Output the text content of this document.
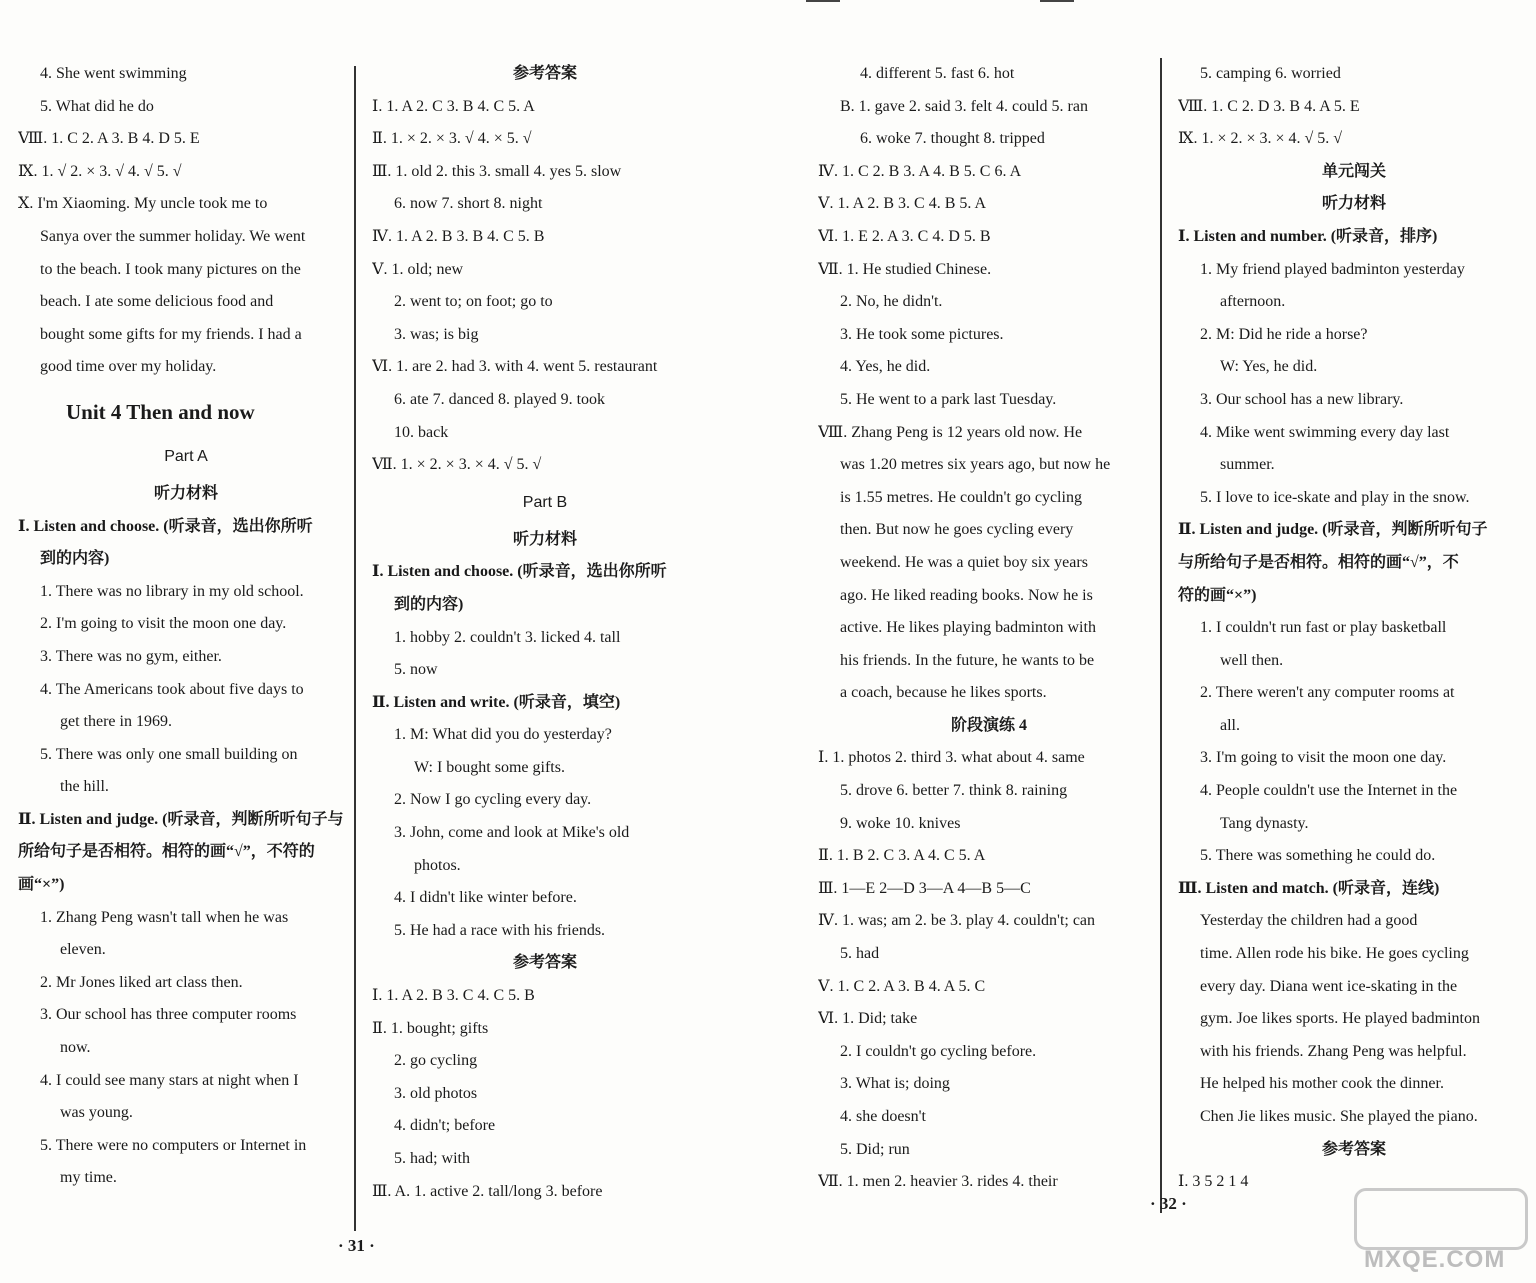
4. She went swimming
5. What did he do
Ⅷ. 1. C 2. A 3. B 4. D 5. E
Ⅸ. 1. √ 2. × 3. √ 4. √ 5. √
Ⅹ. I'm Xiaoming. My uncle took me to
Sanya over the summer holiday. We went
to the beach. I took many pictures on the
beach. I ate some delicious food and
bought some gifts for my friends. I had a
good time over my holiday.
Unit 4 Then and now
Part A
听力材料
Ⅰ. Listen and choose. (听录音，选出你所听
到的内容)
1. There was no library in my old school.
2. I'm going to visit the moon one day.
3. There was no gym, either.
4. The Americans took about five days to
get there in 1969.
5. There was only one small building on
the hill.
Ⅱ. Listen and judge. (听录音，判断所听句子与
所给句子是否相符。相符的画“√”，不符的
画“×”)
1. Zhang Peng wasn't tall when he was
eleven.
2. Mr Jones liked art class then.
3. Our school has three computer rooms
now.
4. I could see many stars at night when I
was young.
5. There were no computers or Internet in
my time.
参考答案
Ⅰ. 1. A 2. C 3. B 4. C 5. A
Ⅱ. 1. × 2. × 3. √ 4. × 5. √
Ⅲ. 1. old 2. this 3. small 4. yes 5. slow
6. now 7. short 8. night
Ⅳ. 1. A 2. B 3. B 4. C 5. B
Ⅴ. 1. old; new
2. went to; on foot; go to
3. was; is big
Ⅵ. 1. are 2. had 3. with 4. went 5. restaurant
6. ate 7. danced 8. played 9. took
10. back
Ⅶ. 1. × 2. × 3. × 4. √ 5. √
Part B
听力材料
Ⅰ. Listen and choose. (听录音，选出你所听
到的内容)
1. hobby 2. couldn't 3. licked 4. tall
5. now
Ⅱ. Listen and write. (听录音，填空)
1. M: What did you do yesterday?
W: I bought some gifts.
2. Now I go cycling every day.
3. John, come and look at Mike's old
photos.
4. I didn't like winter before.
5. He had a race with his friends.
参考答案
Ⅰ. 1. A 2. B 3. C 4. C 5. B
Ⅱ. 1. bought; gifts
2. go cycling
3. old photos
4. didn't; before
5. had; with
Ⅲ. A. 1. active 2. tall/long 3. before
4. different 5. fast 6. hot
B. 1. gave 2. said 3. felt 4. could 5. ran
6. woke 7. thought 8. tripped
Ⅳ. 1. C 2. B 3. A 4. B 5. C 6. A
Ⅴ. 1. A 2. B 3. C 4. B 5. A
Ⅵ. 1. E 2. A 3. C 4. D 5. B
Ⅶ. 1. He studied Chinese.
2. No, he didn't.
3. He took some pictures.
4. Yes, he did.
5. He went to a park last Tuesday.
Ⅷ. Zhang Peng is 12 years old now. He
was 1.20 metres six years ago, but now he
is 1.55 metres. He couldn't go cycling
then. But now he goes cycling every
weekend. He was a quiet boy six years
ago. He liked reading books. Now he is
active. He likes playing badminton with
his friends. In the future, he wants to be
a coach, because he likes sports.
阶段演练 4
Ⅰ. 1. photos 2. third 3. what about 4. same
5. drove 6. better 7. think 8. raining
9. woke 10. knives
Ⅱ. 1. B 2. C 3. A 4. C 5. A
Ⅲ. 1—E 2—D 3—A 4—B 5—C
Ⅳ. 1. was; am 2. be 3. play 4. couldn't; can
5. had
Ⅴ. 1. C 2. A 3. B 4. A 5. C
Ⅵ. 1. Did; take
2. I couldn't go cycling before.
3. What is; doing
4. she doesn't
5. Did; run
Ⅶ. 1. men 2. heavier 3. rides 4. their
5. camping 6. worried
Ⅷ. 1. C 2. D 3. B 4. A 5. E
Ⅸ. 1. × 2. × 3. × 4. √ 5. √
单元闯关
听力材料
Ⅰ. Listen and number. (听录音，排序)
1. My friend played badminton yesterday
afternoon.
2. M: Did he ride a horse?
W: Yes, he did.
3. Our school has a new library.
4. Mike went swimming every day last
summer.
5. I love to ice-skate and play in the snow.
Ⅱ. Listen and judge. (听录音，判断所听句子
与所给句子是否相符。相符的画“√”，不
符的画“×”)
1. I couldn't run fast or play basketball
well then.
2. There weren't any computer rooms at
all.
3. I'm going to visit the moon one day.
4. People couldn't use the Internet in the
Tang dynasty.
5. There was something he could do.
Ⅲ. Listen and match. (听录音，连线)
Yesterday the children had a good
time. Allen rode his bike. He goes cycling
every day. Diana went ice-skating in the
gym. Joe likes sports. He played badminton
with his friends. Zhang Peng was helpful.
He helped his mother cook the dinner.
Chen Jie likes music. She played the piano.
参考答案
Ⅰ. 3 5 2 1 4
· 31 ·
· 32 ·
MXQE.COM
